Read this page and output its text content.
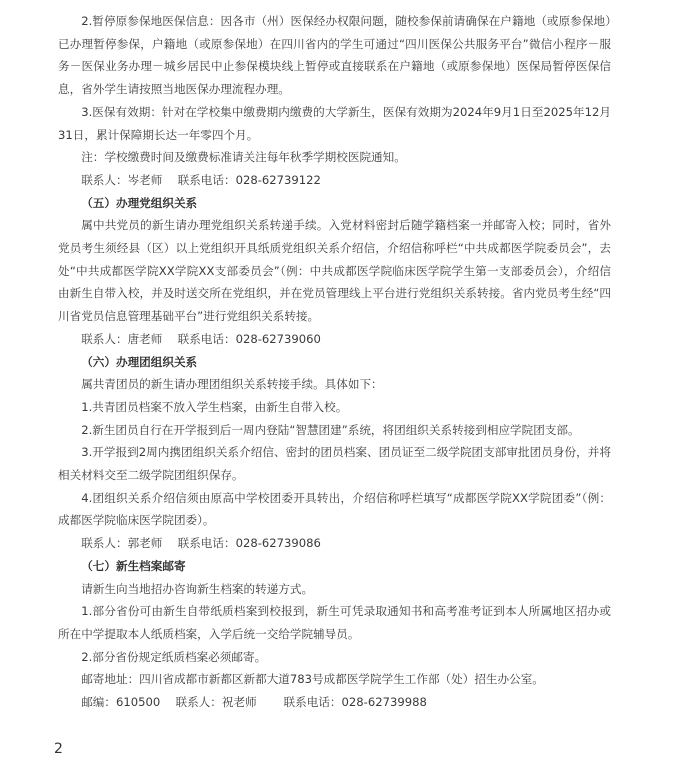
2.暂停原参保地医保信息：因各市（州）医保经办权限问题，随校参保前请确保在户籍地（或原参保地）已办理暂停参保，户籍地（或原参保地）在四川省内的学生可通过“四川医保公共服务平台”微信小程序－服务－医保业务办理－城乡居民中止参保模块线上暂停或直接联系在户籍地（或原参保地）医保局暂停医保信息，省外学生请按照当地医保办理流程办理。

3.医保有效期：针对在学校集中缴费期内缴费的大学新生，医保有效期为2024年9月1日至2025年12月31日，累计保障期长达一年零四个月。

注：学校缴费时间及缴费标准请关注每年秋季学期校医院通知。

联系人：岑老师　 联系电话：028-62739122

（五）办理党组织关系

属中共党员的新生请办理党组织关系转递手续。入党材料密封后随学籍档案一并邮寄入校；同时，省外党员考生须经县（区）以上党组织开具纸质党组织关系介绍信，介绍信称呼栏“中共成都医学院委员会”，去处“中共成都医学院XX学院XX支部委员会”（例：中共成都医学院临床医学院学生第一支部委员会），介绍信由新生自带入校，并及时送交所在党组织，并在党员管理线上平台进行党组织关系转接。省内党员考生经“四川省党员信息管理基础平台”进行党组织关系转接。

联系人：唐老师　 联系电话：028-62739060

（六）办理团组织关系

属共青团员的新生请办理团组织关系转接手续。具体如下：

1.共青团员档案不放入学生档案，由新生自带入校。

2.新生团员自行在开学报到后一周内登陆“智慧团建”系统，将团组织关系转接到相应学院团支部。

3.开学报到2周内携团组织关系介绍信、密封的团员档案、团员证至二级学院团支部审批团员身份，并将相关材料交至二级学院团组织保存。

4.团组织关系介绍信须由原高中学校团委开具转出，介绍信称呼栏填写“成都医学院XX学院团委”（例：成都医学院临床医学院团委）。

联系人：郭老师　 联系电话：028-62739086

（七）新生档案邮寄

请新生向当地招办咨询新生档案的转递方式。

1.部分省份可由新生自带纸质档案到校报到，新生可凭录取通知书和高考准考证到本人所属地区招办或所在中学提取本人纸质档案，入学后统一交给学院辅导员。

2.部分省份规定纸质档案必须邮寄。

邮寄地址：四川省成都市新都区新都大道783号成都医学院学生工作部（处）招生办公室。

邮编：610500　 联系人：祝老师　　 联系电话：028-62739988

2
